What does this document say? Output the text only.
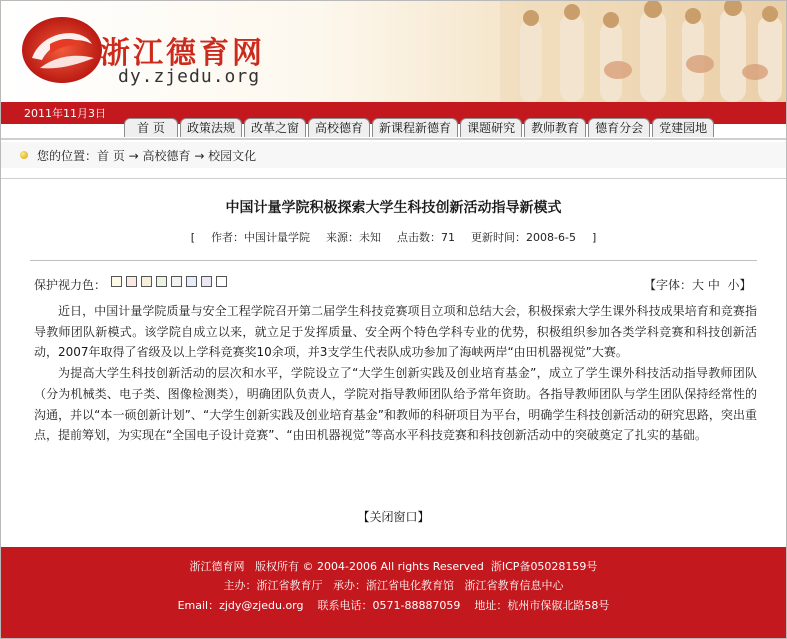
浙江德育网
dy.zjedu.org
2011年11月3日
首 页	政策法规	改革之窗	高校德育	新课程新德育	课题研究	教师教育	德育分会	党建园地
您的位置：首 页 → 高校德育 → 校园文化
中国计量学院积极探索大学生科技创新活动指导新模式
[ 作者：中国计量学院 来源：未知 点击数：71 更新时间：2008-6-5 ]
保护视力色：	【字体：大 中 小】

近日，中国计量学院质量与安全工程学院召开第二届学生科技竞赛项目立项和总结大会，积极探索大学生课外科技成果培育和竞赛指导教师团队新模式。该学院自成立以来，就立足于发挥质量、安全两个特色学科专业的优势，积极组织参加各类学科竞赛和科技创新活动，2007年取得了省级及以上学科竞赛奖10余项，并3支学生代表队成功参加了海峡两岸“由田机器视觉”大赛。

为提高大学生科技创新活动的层次和水平，学院设立了“大学生创新实践及创业培育基金”，成立了学生课外科技活动指导教师团队（分为机械类、电子类、图像检测类），明确团队负责人，学院对指导教师团队给予常年资助。各指导教师团队与学生团队保持经常性的沟通，并以“本一硕创新计划”、“大学生创新实践及创业培育基金”和教师的科研项目为平台，明确学生科技创新活动的研究思路，突出重点，提前筹划，为实现在“全国电子设计竞赛”、“由田机器视觉”等高水平科技竞赛和科技创新活动中的突破奠定了扎实的基础。

【关闭窗口】
浙江德育网   版权所有 © 2004-2006 All rights Reserved  浙ICP备05028159号
主办：浙江省教育厅   承办：浙江省电化教育馆   浙江省教育信息中心
Email：zjdy@zjedu.org    联系电话：0571-88887059    地址：杭州市保俶北路58号
